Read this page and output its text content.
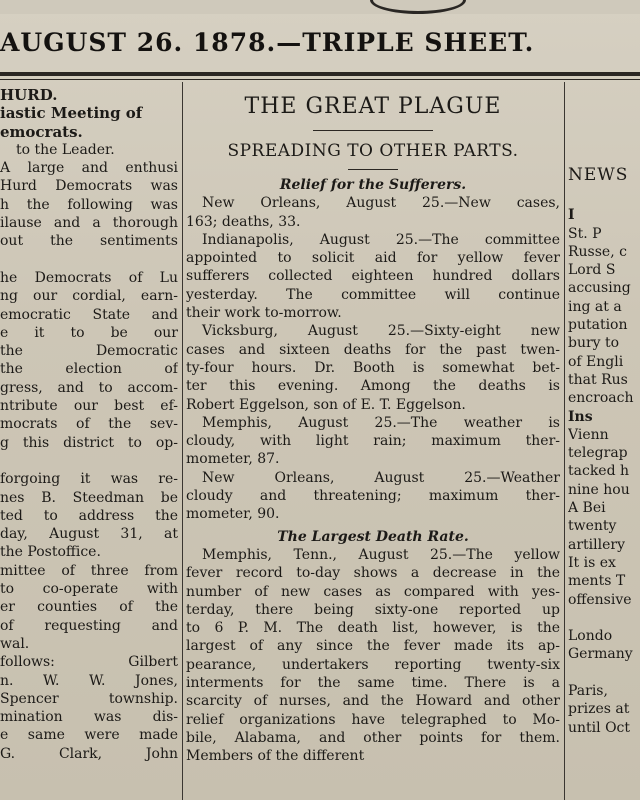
AUGUST 26. 1878.—TRIPLE SHEET.
HURD.
iastic Meeting of
emocrats.
to the Leader.
A large and enthusi
Hurd Democrats was
h the following was
ilause and a thorough
out the sentiments
he Democrats of Lu
ng our cordial, earn-
emocratic State and
e it to be our
the Democratic
the election of
gress, and to accom-
ntribute our best ef-
mocrats of the sev-
g this district to op-
forgoing it was re-
nes B. Steedman be
ted to address the
day, August 31, at
the Postoffice.
mittee of three from
to co-operate with
er counties of the
of requesting and
wal.
follows: Gilbert
n. W. W. Jones,
Spencer township.
mination was dis-
e same were made
G. Clark, John
THE GREAT PLAGUE
SPREADING TO OTHER PARTS.
Relief for the Sufferers.
New Orleans, August 25.—New cases,
163; deaths, 33.
Indianapolis, August 25.—The committee
appointed to solicit aid for yellow fever
sufferers collected eighteen hundred dollars
yesterday. The committee will continue
their work to-morrow.
Vicksburg, August 25.—Sixty-eight new
cases and sixteen deaths for the past twen-
ty-four hours. Dr. Booth is somewhat bet-
ter this evening. Among the deaths is
Robert Eggelson, son of E. T. Eggelson.
Memphis, August 25.—The weather is
cloudy, with light rain; maximum ther-
mometer, 87.
New Orleans, August 25.—Weather
cloudy and threatening; maximum ther-
mometer, 90.
The Largest Death Rate.
Memphis, Tenn., August 25.—The yellow
fever record to-day shows a decrease in the
number of new cases as compared with yes-
terday, there being sixty-one reported up
to 6 P. M. The death list, however, is the
largest of any since the fever made its ap-
pearance, undertakers reporting twenty-six
interments for the same time. There is a
scarcity of nurses, and the Howard and other
relief organizations have telegraphed to Mo-
bile, Alabama, and other points for them.
Members of the different
NEWS
I
St. P
Russe, c
Lord S
accusing
ing at a
putation
bury to
of Engli
that Rus
encroach
Ins
Vienn
telegrap
tacked h
nine hou
A Bei
twenty
artillery
It is ex
ments T
offensive
Londo
Germany
Paris,
prizes at
until Oct
